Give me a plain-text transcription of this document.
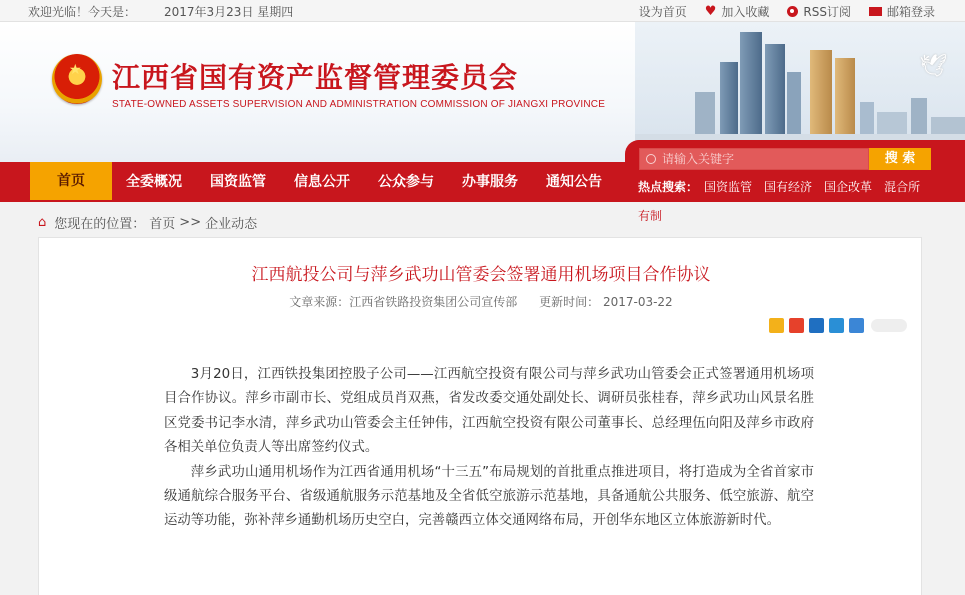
欢迎光临！今天是： 2017年3月23日 星期四	设为首页 ♥ 加入收藏	RSS订阅	邮箱登录
★
江西省国有资产监督管理委员会
STATE-OWNED ASSETS SUPERVISION AND ADMINISTRATION COMMISSION OF JIANGXI PROVINCE
🕊
首页	全委概况	国资监管	信息公开	公众参与	办事服务	通知公告
请输入关键字	搜 索
热点搜索： 国资监管 国有经济 国企改革 混合所
有制
⌂ 您现在的位置： 首页 >> 企业动态
江西航投公司与萍乡武功山管委会签署通用机场项目合作协议
文章来源：江西省铁路投资集团公司宣传部 更新时间： 2017-03-22

3月20日，江西铁投集团控股子公司——江西航空投资有限公司与萍乡武功山管委会正式签署通用机场项目合作协议。萍乡市副市长、党组成员肖双燕，省发改委交通处副处长、调研员张桂春，萍乡武功山风景名胜区党委书记李水清，萍乡武功山管委会主任钟伟，江西航空投资有限公司董事长、总经理伍向阳及萍乡市政府各相关单位负责人等出席签约仪式。

萍乡武功山通用机场作为江西省通用机场“十三五”布局规划的首批重点推进项目，将打造成为全省首家市级通航综合服务平台、省级通航服务示范基地及全省低空旅游示范基地，具备通航公共服务、低空旅游、航空运动等功能，弥补萍乡通勤机场历史空白，完善赣西立体交通网络布局，开创华东地区立体旅游新时代。
